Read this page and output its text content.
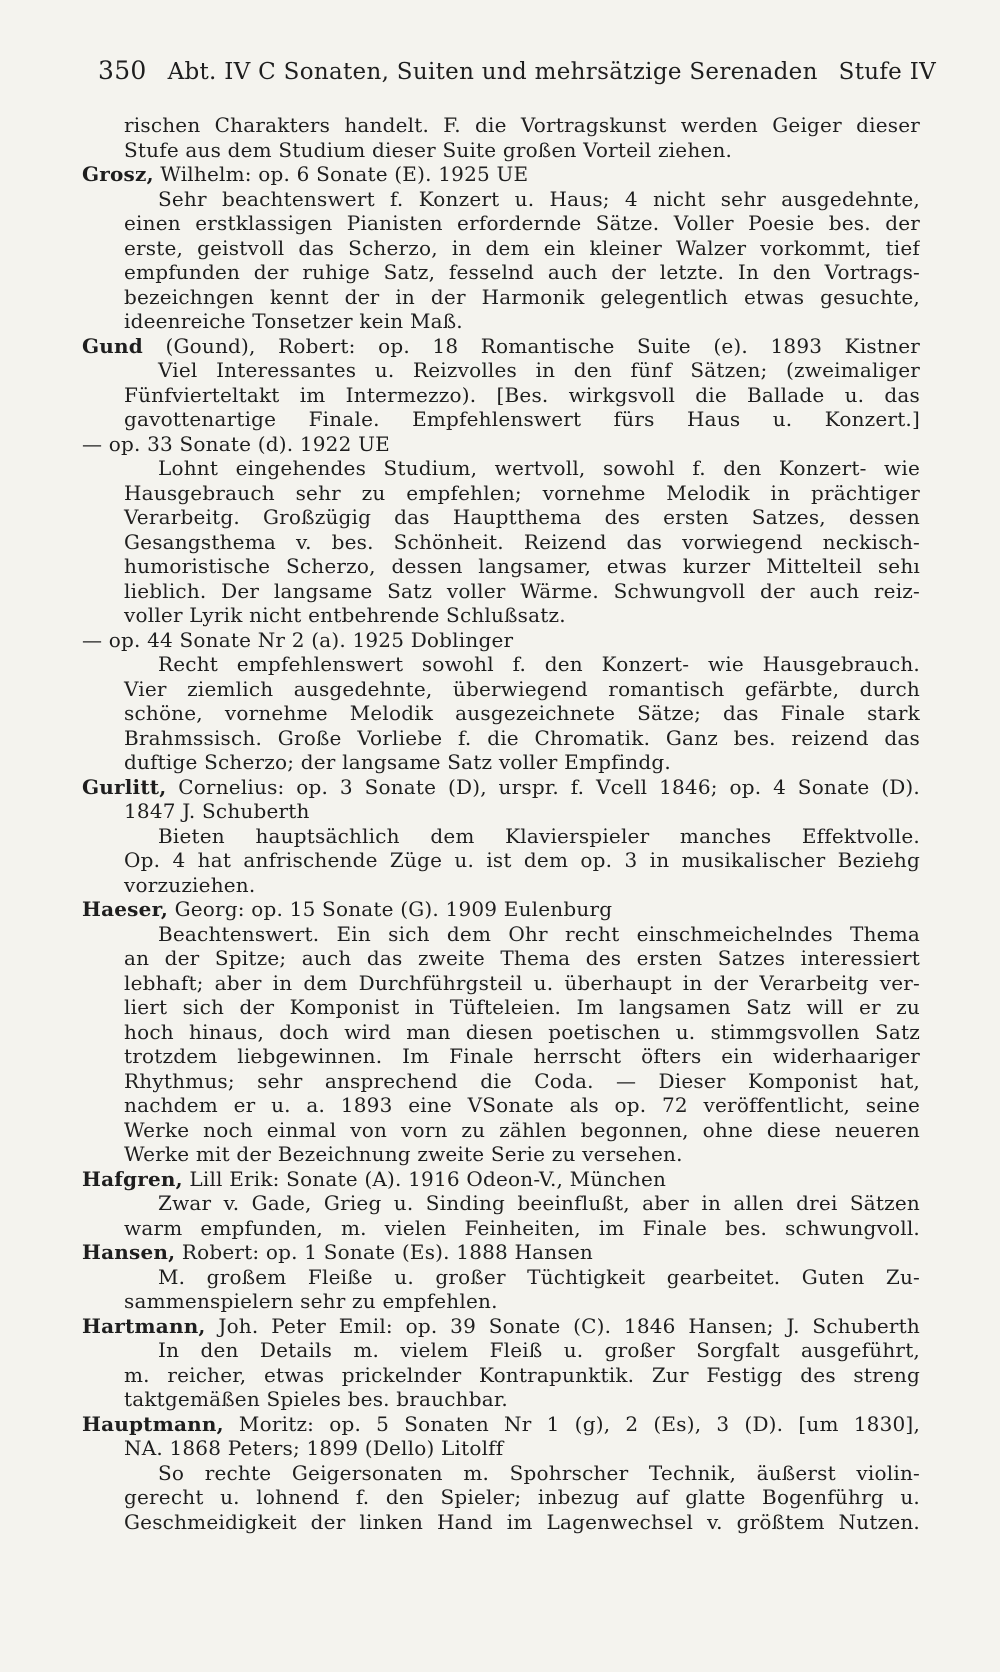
350 Abt. IV C Sonaten, Suiten und mehrsätzige Serenaden Stufe IV
rischen Charakters handelt. F. die Vortragskunst werden Geiger dieser
Stufe aus dem Studium dieser Suite großen Vorteil ziehen.
Grosz, Wilhelm: op. 6 Sonate (E). 1925 UE
Sehr beachtenswert f. Konzert u. Haus; 4 nicht sehr ausgedehnte,
einen erstklassigen Pianisten erfordernde Sätze. Voller Poesie bes. der
erste, geistvoll das Scherzo, in dem ein kleiner Walzer vorkommt, tief
empfunden der ruhige Satz, fesselnd auch der letzte. In den Vortrags-
bezeichngen kennt der in der Harmonik gelegentlich etwas gesuchte,
ideenreiche Tonsetzer kein Maß.
Gund (Gound), Robert: op. 18 Romantische Suite (e). 1893 Kistner
Viel Interessantes u. Reizvolles in den fünf Sätzen; (zweimaliger
Fünfvierteltakt im Intermezzo). [Bes. wirkgsvoll die Ballade u. das
gavottenartige Finale. Empfehlenswert fürs Haus u. Konzert.]
— op. 33 Sonate (d). 1922 UE
Lohnt eingehendes Studium, wertvoll, sowohl f. den Konzert- wie
Hausgebrauch sehr zu empfehlen; vornehme Melodik in prächtiger
Verarbeitg. Großzügig das Hauptthema des ersten Satzes, dessen
Gesangsthema v. bes. Schönheit. Reizend das vorwiegend neckisch-
humoristische Scherzo, dessen langsamer, etwas kurzer Mittelteil sehı
lieblich. Der langsame Satz voller Wärme. Schwungvoll der auch reiz-
voller Lyrik nicht entbehrende Schlußsatz.
— op. 44 Sonate Nr 2 (a). 1925 Doblinger
Recht empfehlenswert sowohl f. den Konzert- wie Hausgebrauch.
Vier ziemlich ausgedehnte, überwiegend romantisch gefärbte, durch
schöne, vornehme Melodik ausgezeichnete Sätze; das Finale stark
Brahmssisch. Große Vorliebe f. die Chromatik. Ganz bes. reizend das
duftige Scherzo; der langsame Satz voller Empfindg.
Gurlitt, Cornelius: op. 3 Sonate (D), urspr. f. Vcell 1846; op. 4 Sonate (D).
1847 J. Schuberth
Bieten hauptsächlich dem Klavierspieler manches Effektvolle.
Op. 4 hat anfrischende Züge u. ist dem op. 3 in musikalischer Beziehg
vorzuziehen.
Haeser, Georg: op. 15 Sonate (G). 1909 Eulenburg
Beachtenswert. Ein sich dem Ohr recht einschmeichelndes Thema
an der Spitze; auch das zweite Thema des ersten Satzes interessiert
lebhaft; aber in dem Durchführgsteil u. überhaupt in der Verarbeitg ver-
liert sich der Komponist in Tüfteleien. Im langsamen Satz will er zu
hoch hinaus, doch wird man diesen poetischen u. stimmgsvollen Satz
trotzdem liebgewinnen. Im Finale herrscht öfters ein widerhaariger
Rhythmus; sehr ansprechend die Coda. — Dieser Komponist hat,
nachdem er u. a. 1893 eine VSonate als op. 72 veröffentlicht, seine
Werke noch einmal von vorn zu zählen begonnen, ohne diese neueren
Werke mit der Bezeichnung zweite Serie zu versehen.
Hafgren, Lill Erik: Sonate (A). 1916 Odeon-V., München
Zwar v. Gade, Grieg u. Sinding beeinflußt, aber in allen drei Sätzen
warm empfunden, m. vielen Feinheiten, im Finale bes. schwungvoll.
Hansen, Robert: op. 1 Sonate (Es). 1888 Hansen
M. großem Fleiße u. großer Tüchtigkeit gearbeitet. Guten Zu-
sammenspielern sehr zu empfehlen.
Hartmann, Joh. Peter Emil: op. 39 Sonate (C). 1846 Hansen; J. Schuberth
In den Details m. vielem Fleiß u. großer Sorgfalt ausgeführt,
m. reicher, etwas prickelnder Kontrapunktik. Zur Festigg des streng
taktgemäßen Spieles bes. brauchbar.
Hauptmann, Moritz: op. 5 Sonaten Nr 1 (g), 2 (Es), 3 (D). [um 1830],
NA. 1868 Peters; 1899 (Dello) Litolff
So rechte Geigersonaten m. Spohrscher Technik, äußerst violin-
gerecht u. lohnend f. den Spieler; inbezug auf glatte Bogenführg u.
Geschmeidigkeit der linken Hand im Lagenwechsel v. größtem Nutzen.
